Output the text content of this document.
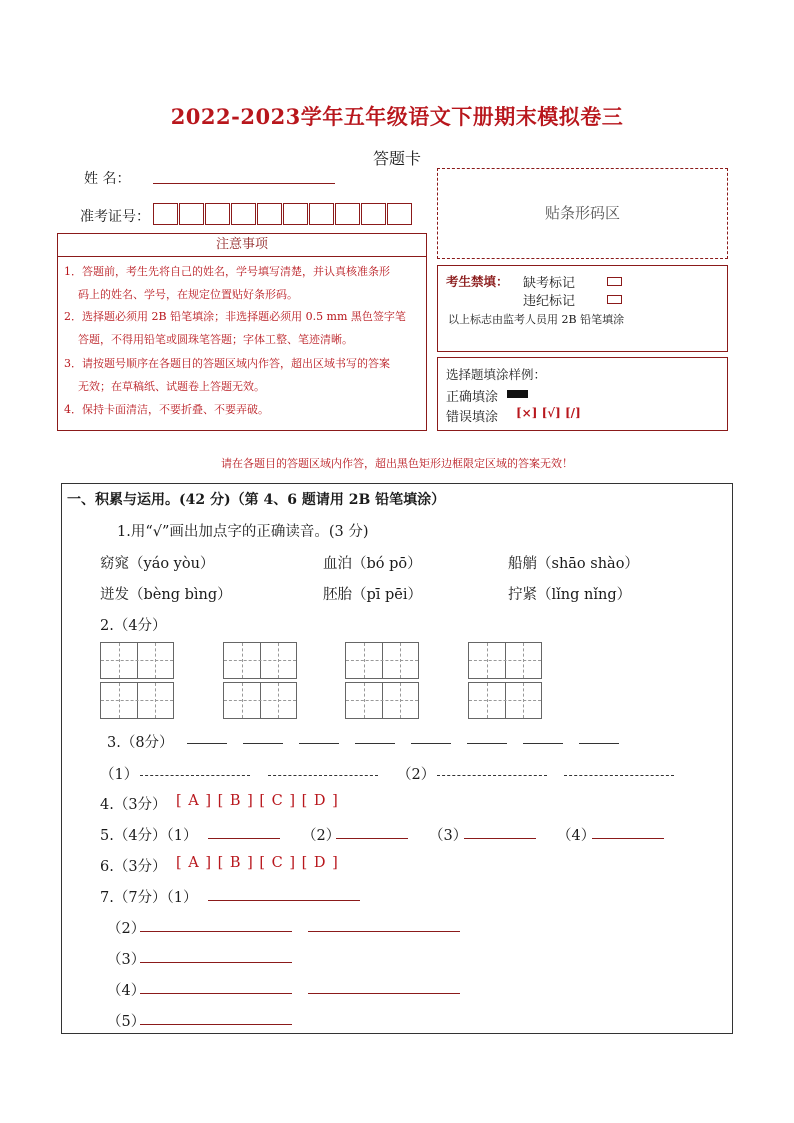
2022-2023学年五年级语文下册期末模拟卷三
答题卡
姓 名：
准考证号：	贴条形码区
注意事项
1．答题前，考生先将自己的姓名，学号填写清楚，并认真核准条形
码上的姓名、学号，在规定位置贴好条形码。
2．选择题必须用 2B 铅笔填涂；非选择题必须用 0.5 mm 黑色签字笔
答题，不得用铅笔或圆珠笔答题；字体工整、笔迹清晰。
3．请按题号顺序在各题目的答题区域内作答，超出区域书写的答案
无效；在草稿纸、试题卷上答题无效。
4．保持卡面清洁，不要折叠、不要弄破。
考生禁填： 缺考标记
违纪标记
以上标志由监考人员用 2B 铅笔填涂
选择题填涂样例：
正确填涂
错误填涂 [×] [√] [/]
请在各题目的答题区域内作答，超出黑色矩形边框限定区域的答案无效！
一、积累与运用。(42 分)（第 4、6 题请用 2B 铅笔填涂）
1.用“√”画出加点字的正确读音。(3 分)
窈窕（yáo yòu）	血泊（bó pō）	船艄（shāo shào）
迸发（bèng bìng）	胚胎（pī pēi）	拧紧（lǐng nǐng）
2.（4分）
3.（8分）
（1）	（2）
4.（3分） [ A ] [ B ] [ C ] [ D ]
5.（4分）（1）	（2）	（3）	（4）
6.（3分） [ A ] [ B ] [ C ] [ D ]
7.（7分）（1）
（2）
（3）
（4）
（5）
